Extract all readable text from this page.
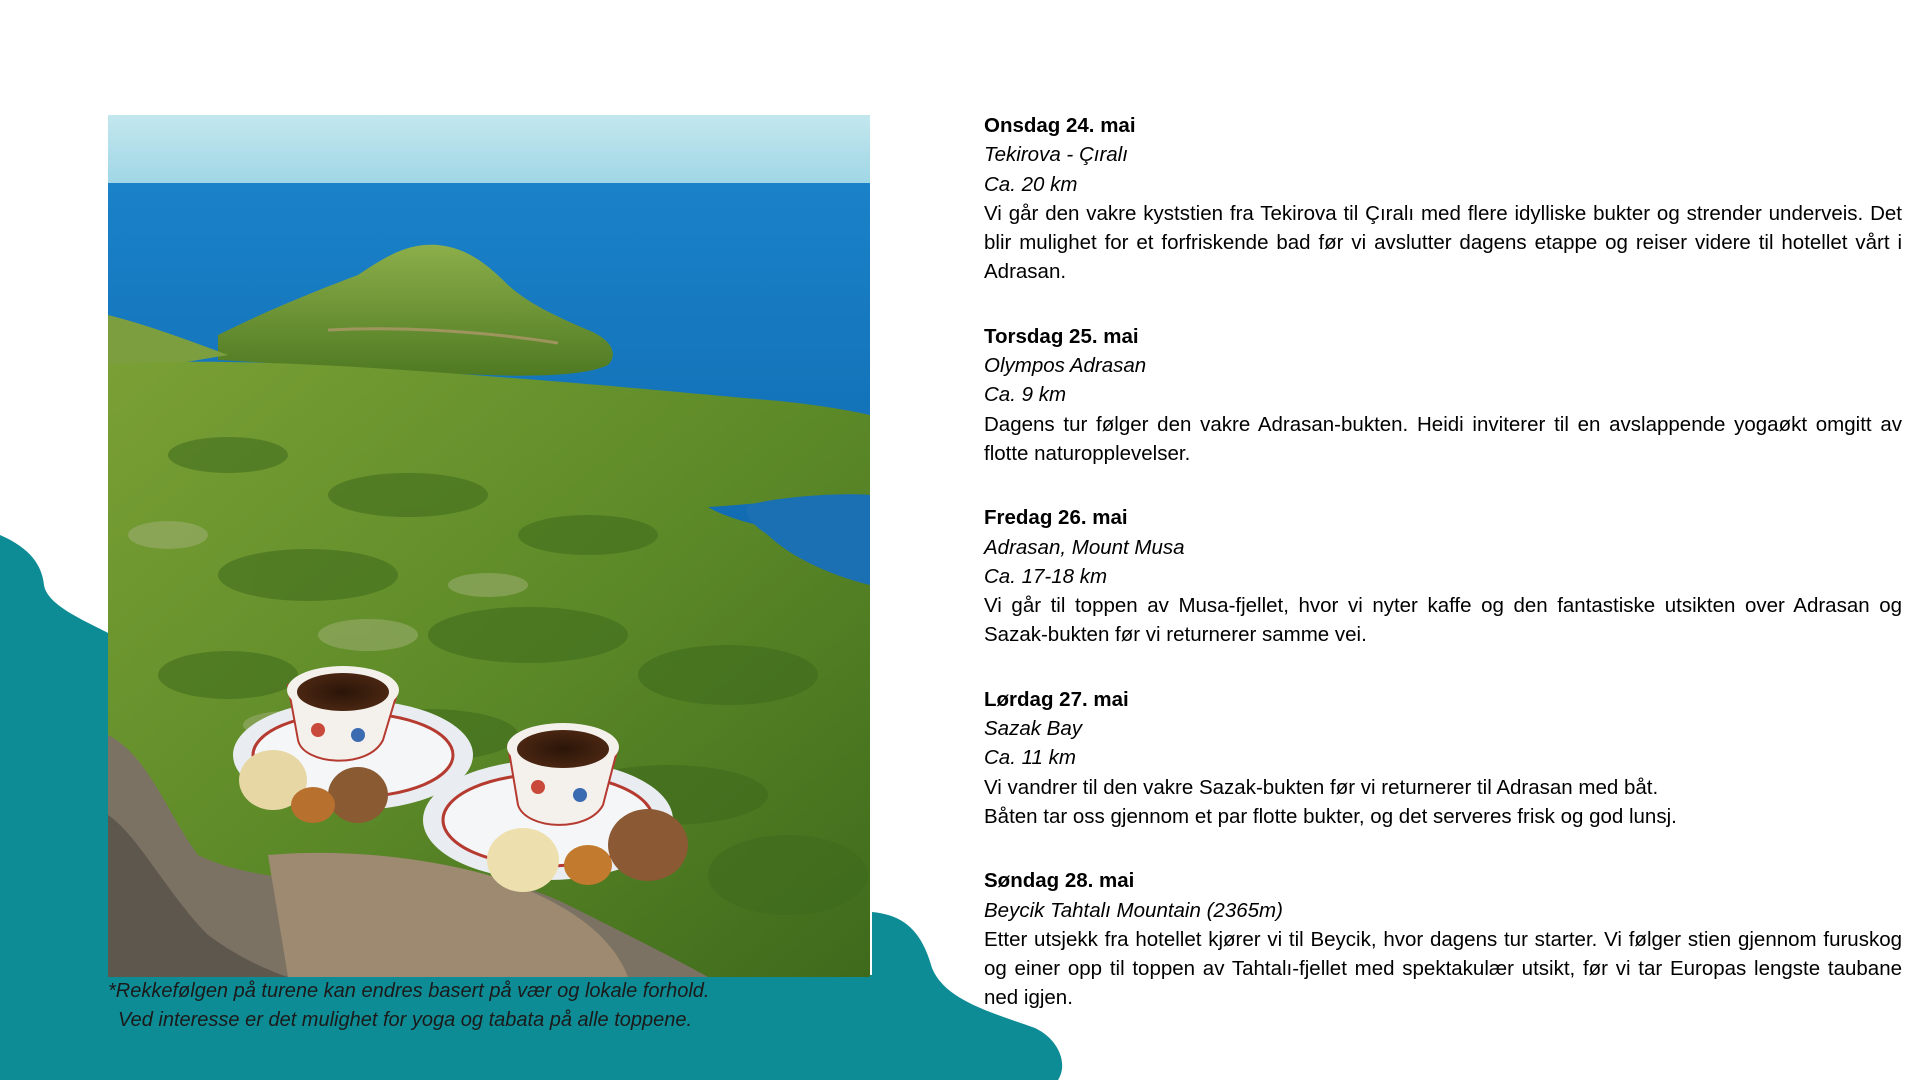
*Rekkefølgen på turene kan endres basert på vær og lokale forhold.
Ved interesse er det mulighet for yoga og tabata på alle toppene.
Onsdag 24. mai
Tekirova - Çıralı
Ca. 20 km
Vi går den vakre kyststien fra Tekirova til Çıralı med flere idylliske bukter og strender underveis. Det blir mulighet for et forfriskende bad før vi avslutter dagens etappe og reiser videre til hotellet vårt i Adrasan.
Torsdag 25. mai
Olympos Adrasan
Ca. 9 km
Dagens tur følger den vakre Adrasan-bukten. Heidi inviterer til en avslappende yogaøkt omgitt av flotte naturopplevelser.
Fredag 26. mai
Adrasan, Mount Musa
Ca. 17-18 km
Vi går til toppen av Musa-fjellet, hvor vi nyter kaffe og den fantastiske utsikten over Adrasan og Sazak-bukten før vi returnerer samme vei.
Lørdag 27. mai
Sazak Bay
Ca. 11 km
Vi vandrer til den vakre Sazak-bukten før vi returnerer til Adrasan med båt.
Båten tar oss gjennom et par flotte bukter, og det serveres frisk og god lunsj.
Søndag 28. mai
Beycik Tahtalı Mountain (2365m)
Etter utsjekk fra hotellet kjører vi til Beycik, hvor dagens tur starter. Vi følger stien gjennom furuskog og einer opp til toppen av Tahtalı-fjellet med spektakulær utsikt, før vi tar Europas lengste taubane ned igjen.
